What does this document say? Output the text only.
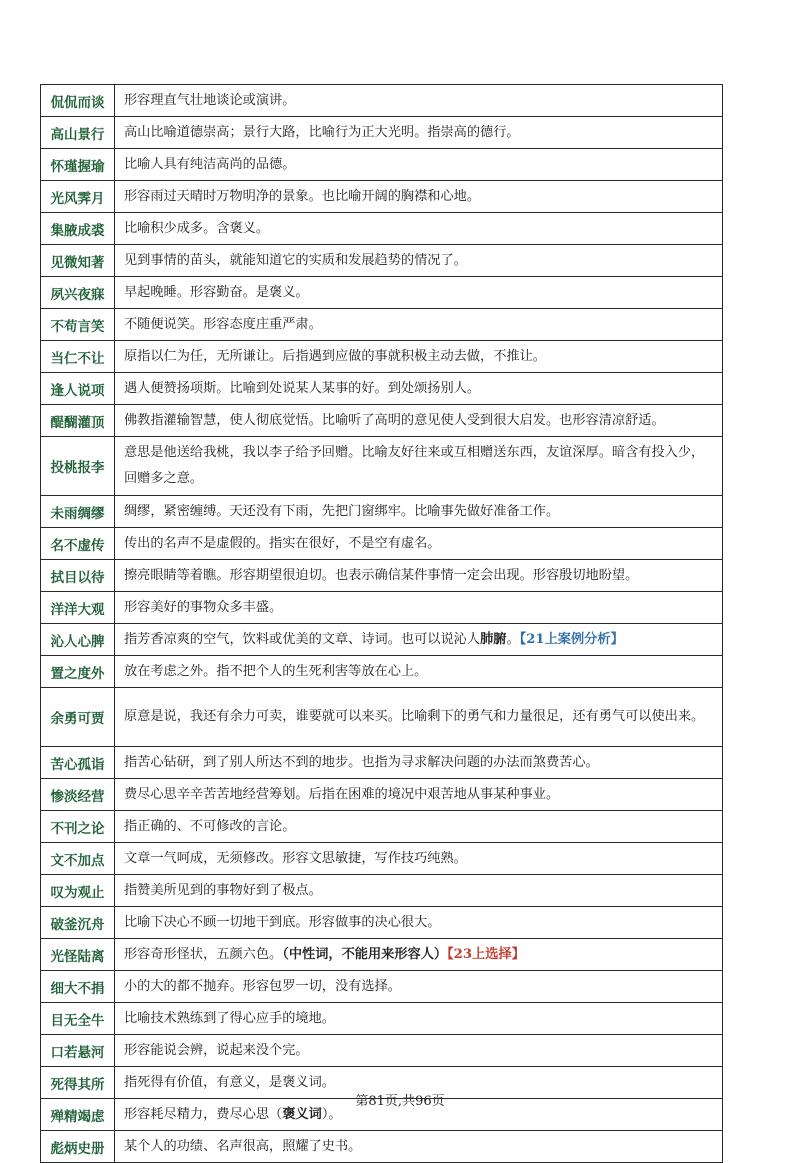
侃侃而谈	形容理直气壮地谈论或演讲。
高山景行	高山比喻道德崇高；景行大路，比喻行为正大光明。指崇高的德行。
怀瑾握瑜	比喻人具有纯洁高尚的品德。
光风霁月	形容雨过天晴时万物明净的景象。也比喻开阔的胸襟和心地。
集腋成裘	比喻积少成多。含褒义。
见微知著	见到事情的苗头，就能知道它的实质和发展趋势的情况了。
夙兴夜寐	早起晚睡。形容勤奋。是褒义。
不苟言笑	不随便说笑。形容态度庄重严肃。
当仁不让	原指以仁为任，无所谦让。后指遇到应做的事就积极主动去做，不推让。
逢人说项	遇人便赞扬项斯。比喻到处说某人某事的好。到处颂扬别人。
醍醐灌顶	佛教指灌输智慧，使人彻底觉悟。比喻听了高明的意见使人受到很大启发。也形容清凉舒适。
投桃报李	意思是他送给我桃，我以李子给予回赠。比喻友好往来或互相赠送东西，友谊深厚。暗含有投入少，回赠多之意。
未雨绸缪	绸缪，紧密缠缚。天还没有下雨，先把门窗绑牢。比喻事先做好准备工作。
名不虚传	传出的名声不是虚假的。指实在很好，不是空有虚名。
拭目以待	擦亮眼睛等着瞧。形容期望很迫切。也表示确信某件事情一定会出现。形容殷切地盼望。
洋洋大观	形容美好的事物众多丰盛。
沁人心脾	指芳香凉爽的空气，饮料或优美的文章、诗词。也可以说沁人肺腑。【21上案例分析】
置之度外	放在考虑之外。指不把个人的生死利害等放在心上。
余勇可贾	原意是说，我还有余力可卖，谁要就可以来买。比喻剩下的勇气和力量很足，还有勇气可以使出来。
苦心孤诣	指苦心钻研，到了别人所达不到的地步。也指为寻求解决问题的办法而煞费苦心。
惨淡经营	费尽心思辛辛苦苦地经营筹划。后指在困难的境况中艰苦地从事某种事业。
不刊之论	指正确的、不可修改的言论。
文不加点	文章一气呵成，无须修改。形容文思敏捷，写作技巧纯熟。
叹为观止	指赞美所见到的事物好到了极点。
破釜沉舟	比喻下决心不顾一切地干到底。形容做事的决心很大。
光怪陆离	形容奇形怪状，五颜六色。（中性词，不能用来形容人）【23上选择】
细大不捐	小的大的都不抛弃。形容包罗一切，没有选择。
目无全牛	比喻技术熟练到了得心应手的境地。
口若悬河	形容能说会辨，说起来没个完。
死得其所	指死得有价值，有意义，是褒义词。
殚精竭虑	形容耗尽精力，费尽心思（褒义词）。
彪炳史册	某个人的功绩、名声很高，照耀了史书。
第81页,共96页
